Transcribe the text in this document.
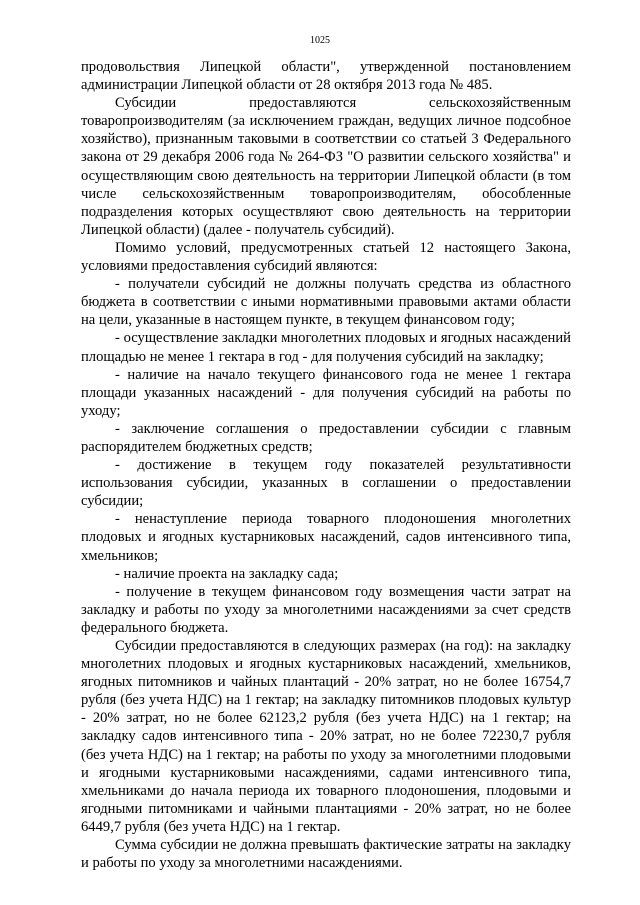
1025

продовольствия Липецкой области", утвержденной постановлением администрации Липецкой области от 28 октября 2013 года № 485.

Субсидии предоставляются сельскохозяйственным товаропроизводителям (за исключением граждан, ведущих личное подсобное хозяйство), признанным таковыми в соответствии со статьей 3 Федерального закона от 29 декабря 2006 года № 264-ФЗ "О развитии сельского хозяйства" и осуществляющим свою деятельность на территории Липецкой области (в том числе сельскохозяйственным товаропроизводителям, обособленные подразделения которых осуществляют свою деятельность на территории Липецкой области) (далее - получатель субсидий).

Помимо условий, предусмотренных статьей 12 настоящего Закона, условиями предоставления субсидий являются:

- получатели субсидий не должны получать средства из областного бюджета в соответствии с иными нормативными правовыми актами области на цели, указанные в настоящем пункте, в текущем финансовом году;

- осуществление закладки многолетних плодовых и ягодных насаждений площадью не менее 1 гектара в год - для получения субсидий на закладку;

- наличие на начало текущего финансового года не менее 1 гектара площади указанных насаждений - для получения субсидий на работы по уходу;

- заключение соглашения о предоставлении субсидии с главным распорядителем бюджетных средств;

- достижение в текущем году показателей результативности использования субсидии, указанных в соглашении о предоставлении субсидии;

- ненаступление периода товарного плодоношения многолетних плодовых и ягодных кустарниковых насаждений, садов интенсивного типа, хмельников;

- наличие проекта на закладку сада;

- получение в текущем финансовом году возмещения части затрат на закладку и работы по уходу за многолетними насаждениями за счет средств федерального бюджета.

Субсидии предоставляются в следующих размерах (на год): на закладку многолетних плодовых и ягодных кустарниковых насаждений, хмельников, ягодных питомников и чайных плантаций - 20% затрат, но не более 16754,7 рубля (без учета НДС) на 1 гектар; на закладку питомников плодовых культур - 20% затрат, но не более 62123,2 рубля (без учета НДС) на 1 гектар; на закладку садов интенсивного типа - 20% затрат, но не более 72230,7 рубля (без учета НДС) на 1 гектар; на работы по уходу за многолетними плодовыми и ягодными кустарниковыми насаждениями, садами интенсивного типа, хмельниками до начала периода их товарного плодоношения, плодовыми и ягодными питомниками и чайными плантациями - 20% затрат, но не более 6449,7 рубля (без учета НДС) на 1 гектар.

Сумма субсидии не должна превышать фактические затраты на закладку и работы по уходу за многолетними насаждениями.
